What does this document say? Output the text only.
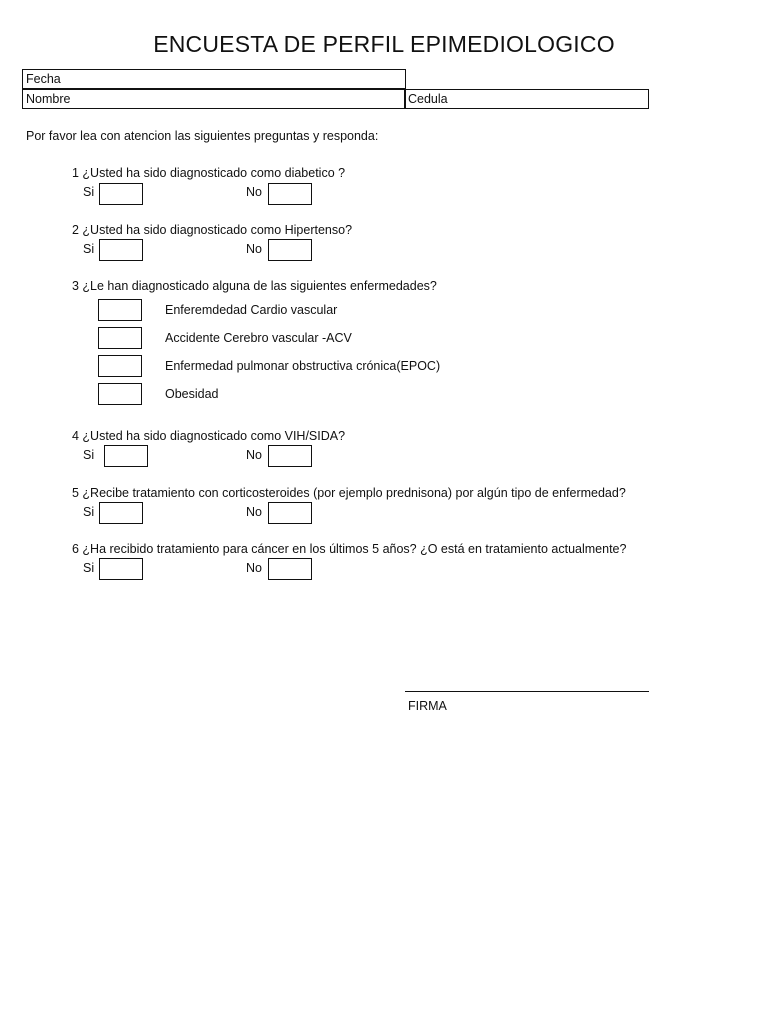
ENCUESTA DE PERFIL EPIMEDIOLOGICO
Fecha
Nombre	Cedula
Por favor lea con atencion las siguientes preguntas y responda:
1 ¿Usted ha sido diagnosticado como diabetico ?
Si	No
2 ¿Usted ha sido diagnosticado como Hipertenso?
Si	No
3 ¿Le han diagnosticado alguna de las siguientes enfermedades?
Enferemdedad Cardio vascular
Accidente Cerebro vascular -ACV
Enfermedad pulmonar obstructiva crónica(EPOC)
Obesidad
4 ¿Usted ha sido diagnosticado como VIH/SIDA?
Si	No
5 ¿Recibe tratamiento con corticosteroides (por ejemplo prednisona) por algún tipo de enfermedad?
Si	No
6 ¿Ha recibido tratamiento para cáncer en los últimos 5 años? ¿O está en tratamiento actualmente?
Si	No
FIRMA
